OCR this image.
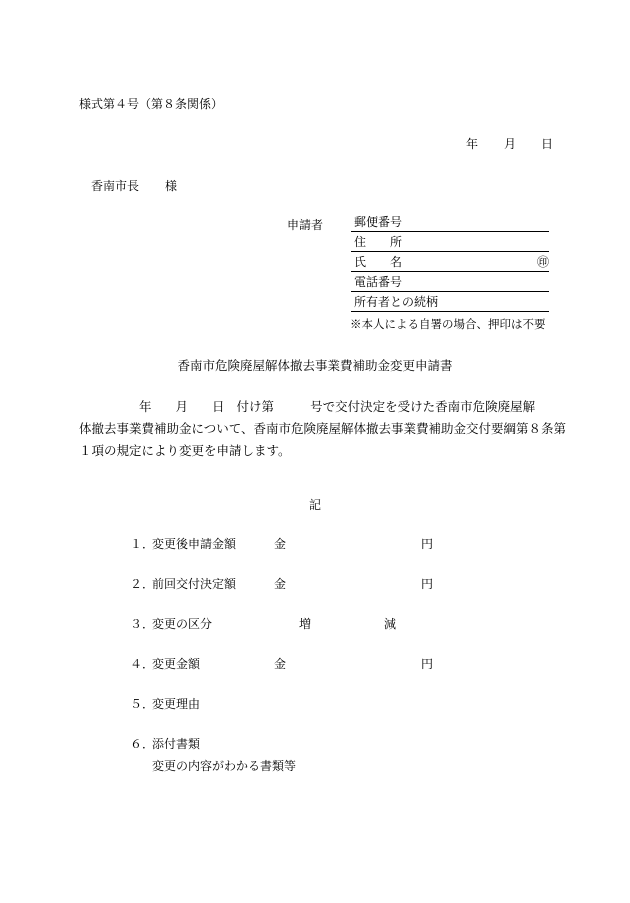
様式第４号（第８条関係）
年 月 日
香南市長 様
申請者	郵便番号
住　　所
氏　　名	㊞
電話番号
所有者との続柄
※本人による自署の場合、押印は不要
香南市危険廃屋解体撤去事業費補助金変更申請書
年 月 日 付け第	号で交付決定を受けた香南市危険廃屋解
体撤去事業費補助金について、香南市危険廃屋解体撤去事業費補助金交付要綱第８条第
１項の規定により変更を申請します。
記
１．変更後申請金額	金	円
２．前回交付決定額	金	円
３．変更の区分	増	減
４．変更金額	金	円
５．変更理由
６．添付書類
変更の内容がわかる書類等
